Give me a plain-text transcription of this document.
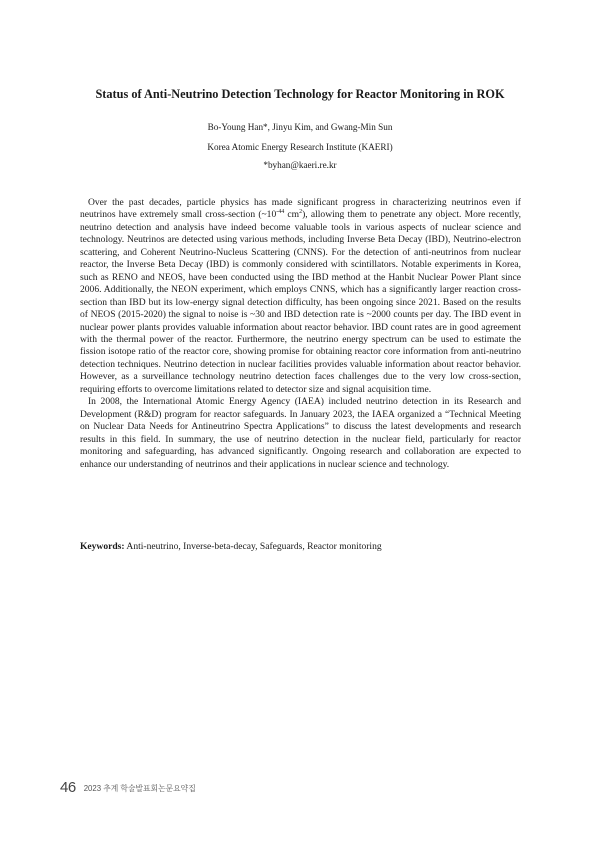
Status of Anti-Neutrino Detection Technology for Reactor Monitoring in ROK

Bo-Young Han*, Jinyu Kim, and Gwang-Min Sun

Korea Atomic Energy Research Institute (KAERI)

*byhan@kaeri.re.kr

Over the past decades, particle physics has made significant progress in characterizing neutrinos even if neutrinos have extremely small cross-section ($\sim 10^{-44}$ $cm^2$), allowing them to penetrate any object. More recently, neutrino detection and analysis have indeed become valuable tools in various aspects of nuclear science and technology. Neutrinos are detected using various methods, including Inverse Beta Decay (IBD), Neutrino-electron scattering, and Coherent Neutrino-Nucleus Scattering (CNNS). For the detection of anti-neutrinos from nuclear reactor, the Inverse Beta Decay (IBD) is commonly considered with scintillators. Notable experiments in Korea, such as RENO and NEOS, have been conducted using the IBD method at the Hanbit Nuclear Power Plant since 2006. Additionally, the NEON experiment, which employs CNNS, which has a significantly larger reaction cross-section than IBD but its low-energy signal detection difficulty, has been ongoing since 2021. Based on the results of NEOS (2015-2020) the signal to noise is ~30 and IBD detection rate is ~2000 counts per day. The IBD event in nuclear power plants provides valuable information about reactor behavior. IBD count rates are in good agreement with the thermal power of the reactor. Furthermore, the neutrino energy spectrum can be used to estimate the fission isotope ratio of the reactor core, showing promise for obtaining reactor core information from anti-neutrino detection techniques. Neutrino detection in nuclear facilities provides valuable information about reactor behavior. However, as a surveillance technology neutrino detection faces challenges due to the very low cross-section, requiring efforts to overcome limitations related to detector size and signal acquisition time.

In 2008, the International Atomic Energy Agency (IAEA) included neutrino detection in its Research and Development (R&D) program for reactor safeguards. In January 2023, the IAEA organized a “Technical Meeting on Nuclear Data Needs for Antineutrino Spectra Applications” to discuss the latest developments and research results in this field. In summary, the use of neutrino detection in the nuclear field, particularly for reactor monitoring and safeguarding, has advanced significantly. Ongoing research and collaboration are expected to enhance our understanding of neutrinos and their applications in nuclear science and technology.

Keywords: Anti-neutrino, Inverse-beta-decay, Safeguards, Reactor monitoring

46 2023 추계 학술발표회논문요약집
